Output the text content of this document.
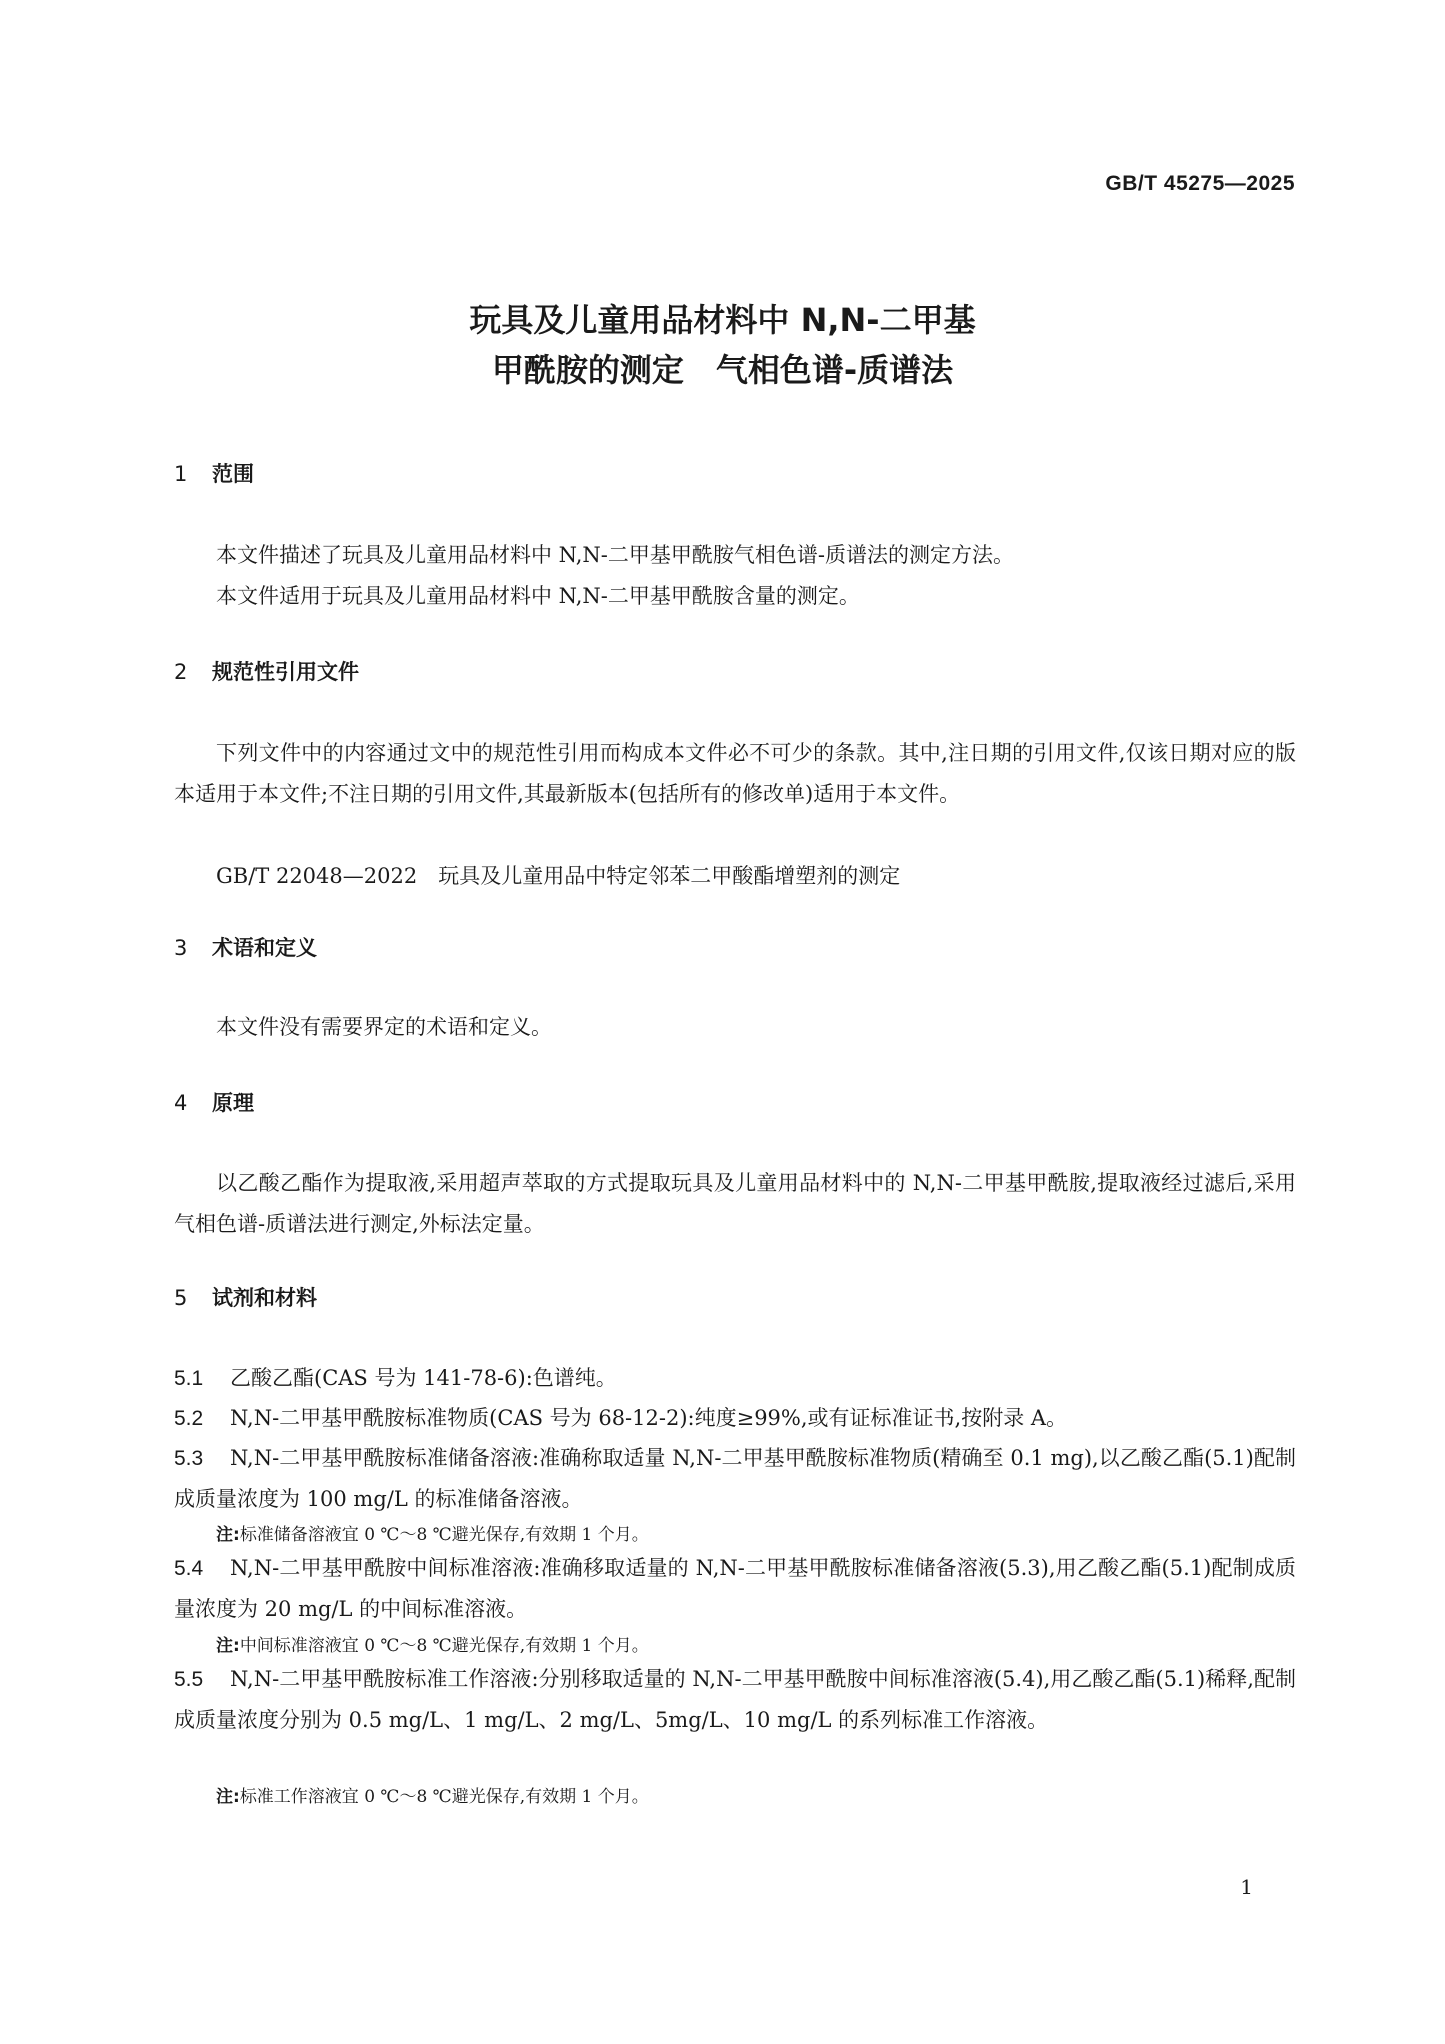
GB/T 45275—2025
玩具及儿童用品材料中 N,N-二甲基
甲酰胺的测定　气相色谱-质谱法
1 范围
本文件描述了玩具及儿童用品材料中 N,N-二甲基甲酰胺气相色谱-质谱法的测定方法。
本文件适用于玩具及儿童用品材料中 N,N-二甲基甲酰胺含量的测定。
2 规范性引用文件
下列文件中的内容通过文中的规范性引用而构成本文件必不可少的条款。其中,注日期的引用文件,仅该日期对应的版本适用于本文件;不注日期的引用文件,其最新版本(包括所有的修改单)适用于本文件。
GB/T 22048—2022　玩具及儿童用品中特定邻苯二甲酸酯增塑剂的测定
3 术语和定义
本文件没有需要界定的术语和定义。
4 原理
以乙酸乙酯作为提取液,采用超声萃取的方式提取玩具及儿童用品材料中的 N,N-二甲基甲酰胺,提取液经过滤后,采用气相色谱-质谱法进行测定,外标法定量。
5 试剂和材料
5.1 乙酸乙酯(CAS 号为 141-78-6):色谱纯。
5.2 N,N-二甲基甲酰胺标准物质(CAS 号为 68-12-2):纯度≥99%,或有证标准证书,按附录 A。
5.3 N,N-二甲基甲酰胺标准储备溶液:准确称取适量 N,N-二甲基甲酰胺标准物质(精确至 0.1 mg),以乙酸乙酯(5.1)配制成质量浓度为 100 mg/L 的标准储备溶液。
注:标准储备溶液宜 0 ℃～8 ℃避光保存,有效期 1 个月。
5.4 N,N-二甲基甲酰胺中间标准溶液:准确移取适量的 N,N-二甲基甲酰胺标准储备溶液(5.3),用乙酸乙酯(5.1)配制成质量浓度为 20 mg/L 的中间标准溶液。
注:中间标准溶液宜 0 ℃～8 ℃避光保存,有效期 1 个月。
5.5 N,N-二甲基甲酰胺标准工作溶液:分别移取适量的 N,N-二甲基甲酰胺中间标准溶液(5.4),用乙酸乙酯(5.1)稀释,配制成质量浓度分别为 0.5 mg/L、1 mg/L、2 mg/L、5mg/L、10 mg/L 的系列标准工作溶液。
注:标准工作溶液宜 0 ℃～8 ℃避光保存,有效期 1 个月。
1
